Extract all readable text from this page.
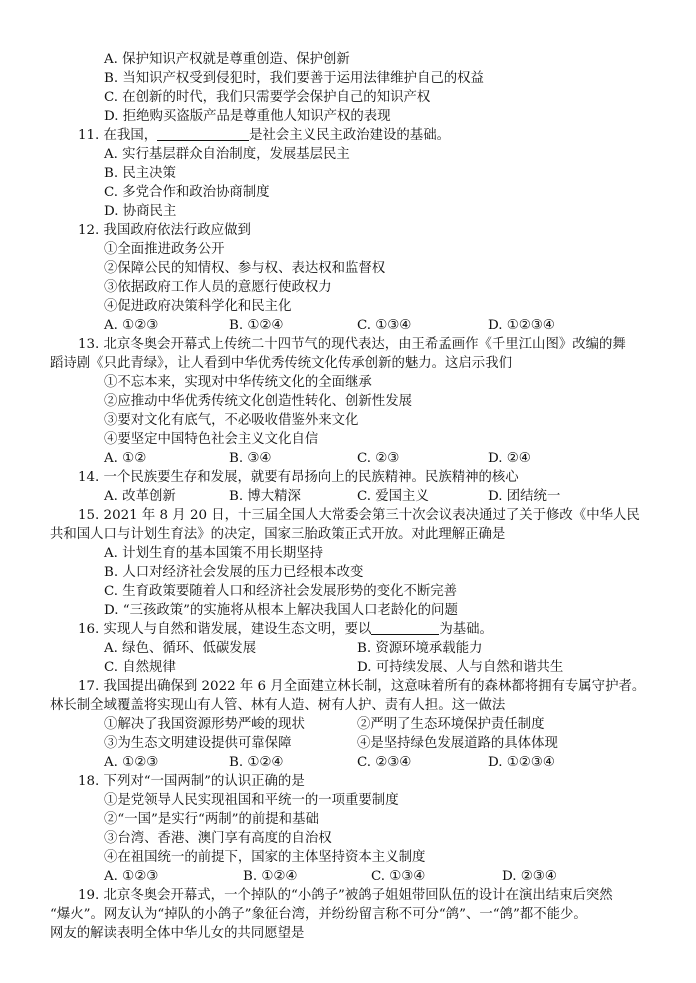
A. 保护知识产权就是尊重创造、保护创新
B. 当知识产权受到侵犯时，我们要善于运用法律维护自己的权益
C. 在创新的时代，我们只需要学会保护自己的知识产权
D. 拒绝购买盗版产品是尊重他人知识产权的表现
11. 在我国，	是社会主义民主政治建设的基础。
A. 实行基层群众自治制度，发展基层民主
B. 民主决策
C. 多党合作和政治协商制度
D. 协商民主
12. 我国政府依法行政应做到
①全面推进政务公开
②保障公民的知情权、参与权、表达权和监督权
③依据政府工作人员的意愿行使政权力
④促进政府决策科学化和民主化
A. ①②③	B. ①②④	C. ①③④	D. ①②③④
13. 北京冬奥会开幕式上传统二十四节气的现代表达，由王希孟画作《千里江山图》改编的舞
蹈诗剧《只此青绿》，让人看到中华优秀传统文化传承创新的魅力。这启示我们
①不忘本来，实现对中华传统文化的全面继承
②应推动中华优秀传统文化创造性转化、创新性发展
③要对文化有底气，不必吸收借鉴外来文化
④要坚定中国特色社会主义文化自信
A. ①②	B. ③④	C. ②③	D. ②④
14. 一个民族要生存和发展，就要有昂扬向上的民族精神。民族精神的核心
A. 改革创新	B. 博大精深	C. 爱国主义	D. 团结统一
15. 2021 年 8 月 20 日，十三届全国人大常委会第三十次会议表决通过了关于修改《中华人民
共和国人口与计划生育法》的决定，国家三胎政策正式开放。对此理解正确是
A. 计划生育的基本国策不用长期坚持
B. 人口对经济社会发展的压力已经根本改变
C. 生育政策要随着人口和经济社会发展形势的变化不断完善
D. “三孩政策”的实施将从根本上解决我国人口老龄化的问题
16. 实现人与自然和谐发展，建设生态文明，要以	为基础。
A. 绿色、循环、低碳发展	B. 资源环境承载能力
C. 自然规律	D. 可持续发展、人与自然和谐共生
17. 我国提出确保到 2022 年 6 月全面建立林长制，这意味着所有的森林都将拥有专属守护者。
林长制全域覆盖将实现山有人管、林有人造、树有人护、责有人担。这一做法
①解决了我国资源形势严峻的现状	②严明了生态环境保护责任制度
③为生态文明建设提供可靠保障	④是坚持绿色发展道路的具体体现
A. ①②③	B. ①②④	C. ②③④	D. ①②③④
18. 下列对“一国两制”的认识正确的是
①是党领导人民实现祖国和平统一的一项重要制度
②“一国”是实行“两制”的前提和基础
③台湾、香港、澳门享有高度的自治权
④在祖国统一的前提下，国家的主体坚持资本主义制度
A. ①②③	B. ①②④	C. ①③④	D. ②③④
19. 北京冬奥会开幕式，一个掉队的“小鸽子”被鸽子姐姐带回队伍的设计在演出结束后突然
“爆火”。网友认为“掉队的小鸽子”象征台湾，并纷纷留言称不可分“鸽”、一“鸽”都不能少。
网友的解读表明全体中华儿女的共同愿望是
